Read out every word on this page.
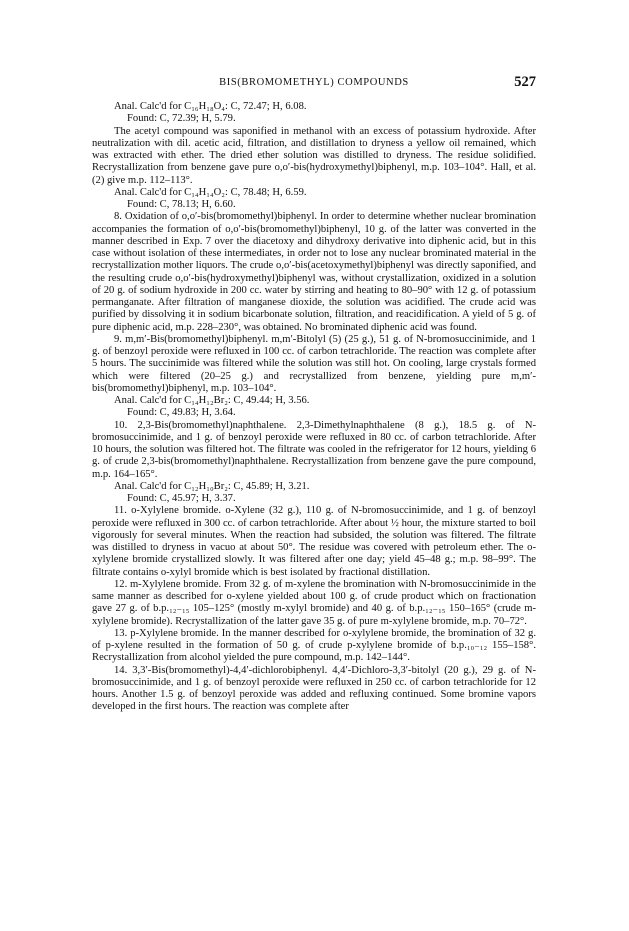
BIS(BROMOMETHYL) COMPOUNDS	527

Anal. Calc'd for C₁₆H₁₈O₄: C, 72.47; H, 6.08.

Found: C, 72.39; H, 5.79.

The acetyl compound was saponified in methanol with an excess of potassium hydroxide. After neutralization with dil. acetic acid, filtration, and distillation to dryness a yellow oil remained, which was extracted with ether. The dried ether solution was distilled to dryness. The residue solidified. Recrystallization from benzene gave pure o,o′-bis(hydroxymethyl)biphenyl, m.p. 103–104°. Hall, et al. (2) give m.p. 112–113°.

Anal. Calc'd for C₁₄H₁₄O₂: C, 78.48; H, 6.59.

Found: C, 78.13; H, 6.60.

8. Oxidation of o,o′-bis(bromomethyl)biphenyl. In order to determine whether nuclear bromination accompanies the formation of o,o′-bis(bromomethyl)biphenyl, 10 g. of the latter was converted in the manner described in Exp. 7 over the diacetoxy and dihydroxy derivative into diphenic acid, but in this case without isolation of these intermediates, in order not to lose any nuclear brominated material in the recrystallization mother liquors. The crude o,o′-bis(acetoxymethyl)biphenyl was directly saponified, and the resulting crude o,o′-bis(hydroxymethyl)biphenyl was, without crystallization, oxidized in a solution of 20 g. of sodium hydroxide in 200 cc. water by stirring and heating to 80–90° with 12 g. of potassium permanganate. After filtration of manganese dioxide, the solution was acidified. The crude acid was purified by dissolving it in sodium bicarbonate solution, filtration, and reacidification. A yield of 5 g. of pure diphenic acid, m.p. 228–230°, was obtained. No brominated diphenic acid was found.

9. m,m′-Bis(bromomethyl)biphenyl. m,m′-Bitolyl (5) (25 g.), 51 g. of N-bromosuccinimide, and 1 g. of benzoyl peroxide were refluxed in 100 cc. of carbon tetrachloride. The reaction was complete after 5 hours. The succinimide was filtered while the solution was still hot. On cooling, large crystals formed which were filtered (20–25 g.) and recrystallized from benzene, yielding pure m,m′-bis(bromomethyl)biphenyl, m.p. 103–104°.

Anal. Calc'd for C₁₄H₁₂Br₂: C, 49.44; H, 3.56.

Found: C, 49.83; H, 3.64.

10. 2,3-Bis(bromomethyl)naphthalene. 2,3-Dimethylnaphthalene (8 g.), 18.5 g. of N-bromosuccinimide, and 1 g. of benzoyl peroxide were refluxed in 80 cc. of carbon tetrachloride. After 10 hours, the solution was filtered hot. The filtrate was cooled in the refrigerator for 12 hours, yielding 6 g. of crude 2,3-bis(bromomethyl)naphthalene. Recrystallization from benzene gave the pure compound, m.p. 164–165°.

Anal. Calc'd for C₁₂H₁₀Br₂: C, 45.89; H, 3.21.

Found: C, 45.97; H, 3.37.

11. o-Xylylene bromide. o-Xylene (32 g.), 110 g. of N-bromosuccinimide, and 1 g. of benzoyl peroxide were refluxed in 300 cc. of carbon tetrachloride. After about ½ hour, the mixture started to boil vigorously for several minutes. When the reaction had subsided, the solution was filtered. The filtrate was distilled to dryness in vacuo at about 50°. The residue was covered with petroleum ether. The o-xylylene bromide crystallized slowly. It was filtered after one day; yield 45–48 g.; m.p. 98–99°. The filtrate contains o-xylyl bromide which is best isolated by fractional distillation.

12. m-Xylylene bromide. From 32 g. of m-xylene the bromination with N-bromosuccinimide in the same manner as described for o-xylene yielded about 100 g. of crude product which on fractionation gave 27 g. of b.p.₁₂₋₁₅ 105–125° (mostly m-xylyl bromide) and 40 g. of b.p.₁₂₋₁₅ 150–165° (crude m-xylylene bromide). Recrystallization of the latter gave 35 g. of pure m-xylylene bromide, m.p. 70–72°.

13. p-Xylylene bromide. In the manner described for o-xylylene bromide, the bromination of 32 g. of p-xylene resulted in the formation of 50 g. of crude p-xylylene bromide of b.p.₁₀₋₁₂ 155–158°. Recrystallization from alcohol yielded the pure compound, m.p. 142–144°.

14. 3,3′-Bis(bromomethyl)-4,4′-dichlorobiphenyl. 4,4′-Dichloro-3,3′-bitolyl (20 g.), 29 g. of N-bromosuccinimide, and 1 g. of benzoyl peroxide were refluxed in 250 cc. of carbon tetrachloride for 12 hours. Another 1.5 g. of benzoyl peroxide was added and refluxing continued. Some bromine vapors developed in the first hours. The reaction was complete after
